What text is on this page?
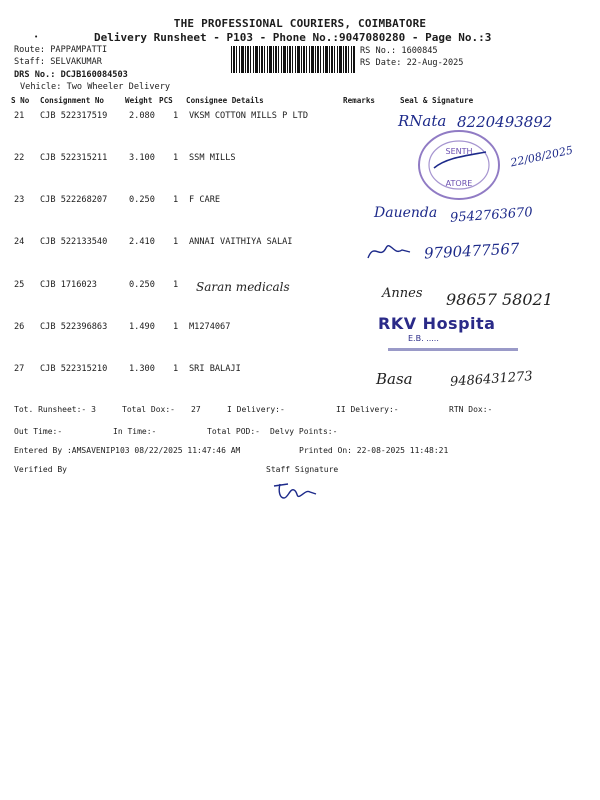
THE PROFESSIONAL COURIERS, COIMBATORE
Delivery Runsheet - P103 - Phone No.:9047080280 - Page No.:3
•
Route: PAPPAMPATTI
Staff: SELVAKUMAR
DRS No.: DCJB160084503
Vehicle: Two Wheeler Delivery
RS No.: 1600845
RS Date: 22-Aug-2025
S No Consignment No	Weight PCS Consignee Details	Remarks	Seal & Signature
21 CJB 522317519	2.080 1 VKSM COTTON MILLS P LTD
22 CJB 522315211	3.100 1 SSM MILLS
23 CJB 522268207	0.250 1 F CARE
24 CJB 522133540	2.410 1 ANNAI VAITHIYA SALAI
25 CJB 1716023	0.250 1
26 CJB 522396863	1.490 1 M1274067
27 CJB 522315210	1.300 1 SRI BALAJI
SENTH
ATORE
RNata 8220493892
22/08/2025
Dauenda 9542763670
9790477567
Saran medicals	Annes 98657 58021
RKV Hospita
E.B. .....
Basa	9486431273
Tot. Runsheet:- 3	Total Dox:- 27	I Delivery:-	II Delivery:-	RTN Dox:-
Out Time:-	In Time:-	Total POD:- Delvy Points:-
Entered By :AMSAVENIP103 08/22/2025 11:47:46 AM	Printed On: 22-08-2025 11:48:21
Verified By	Staff Signature
